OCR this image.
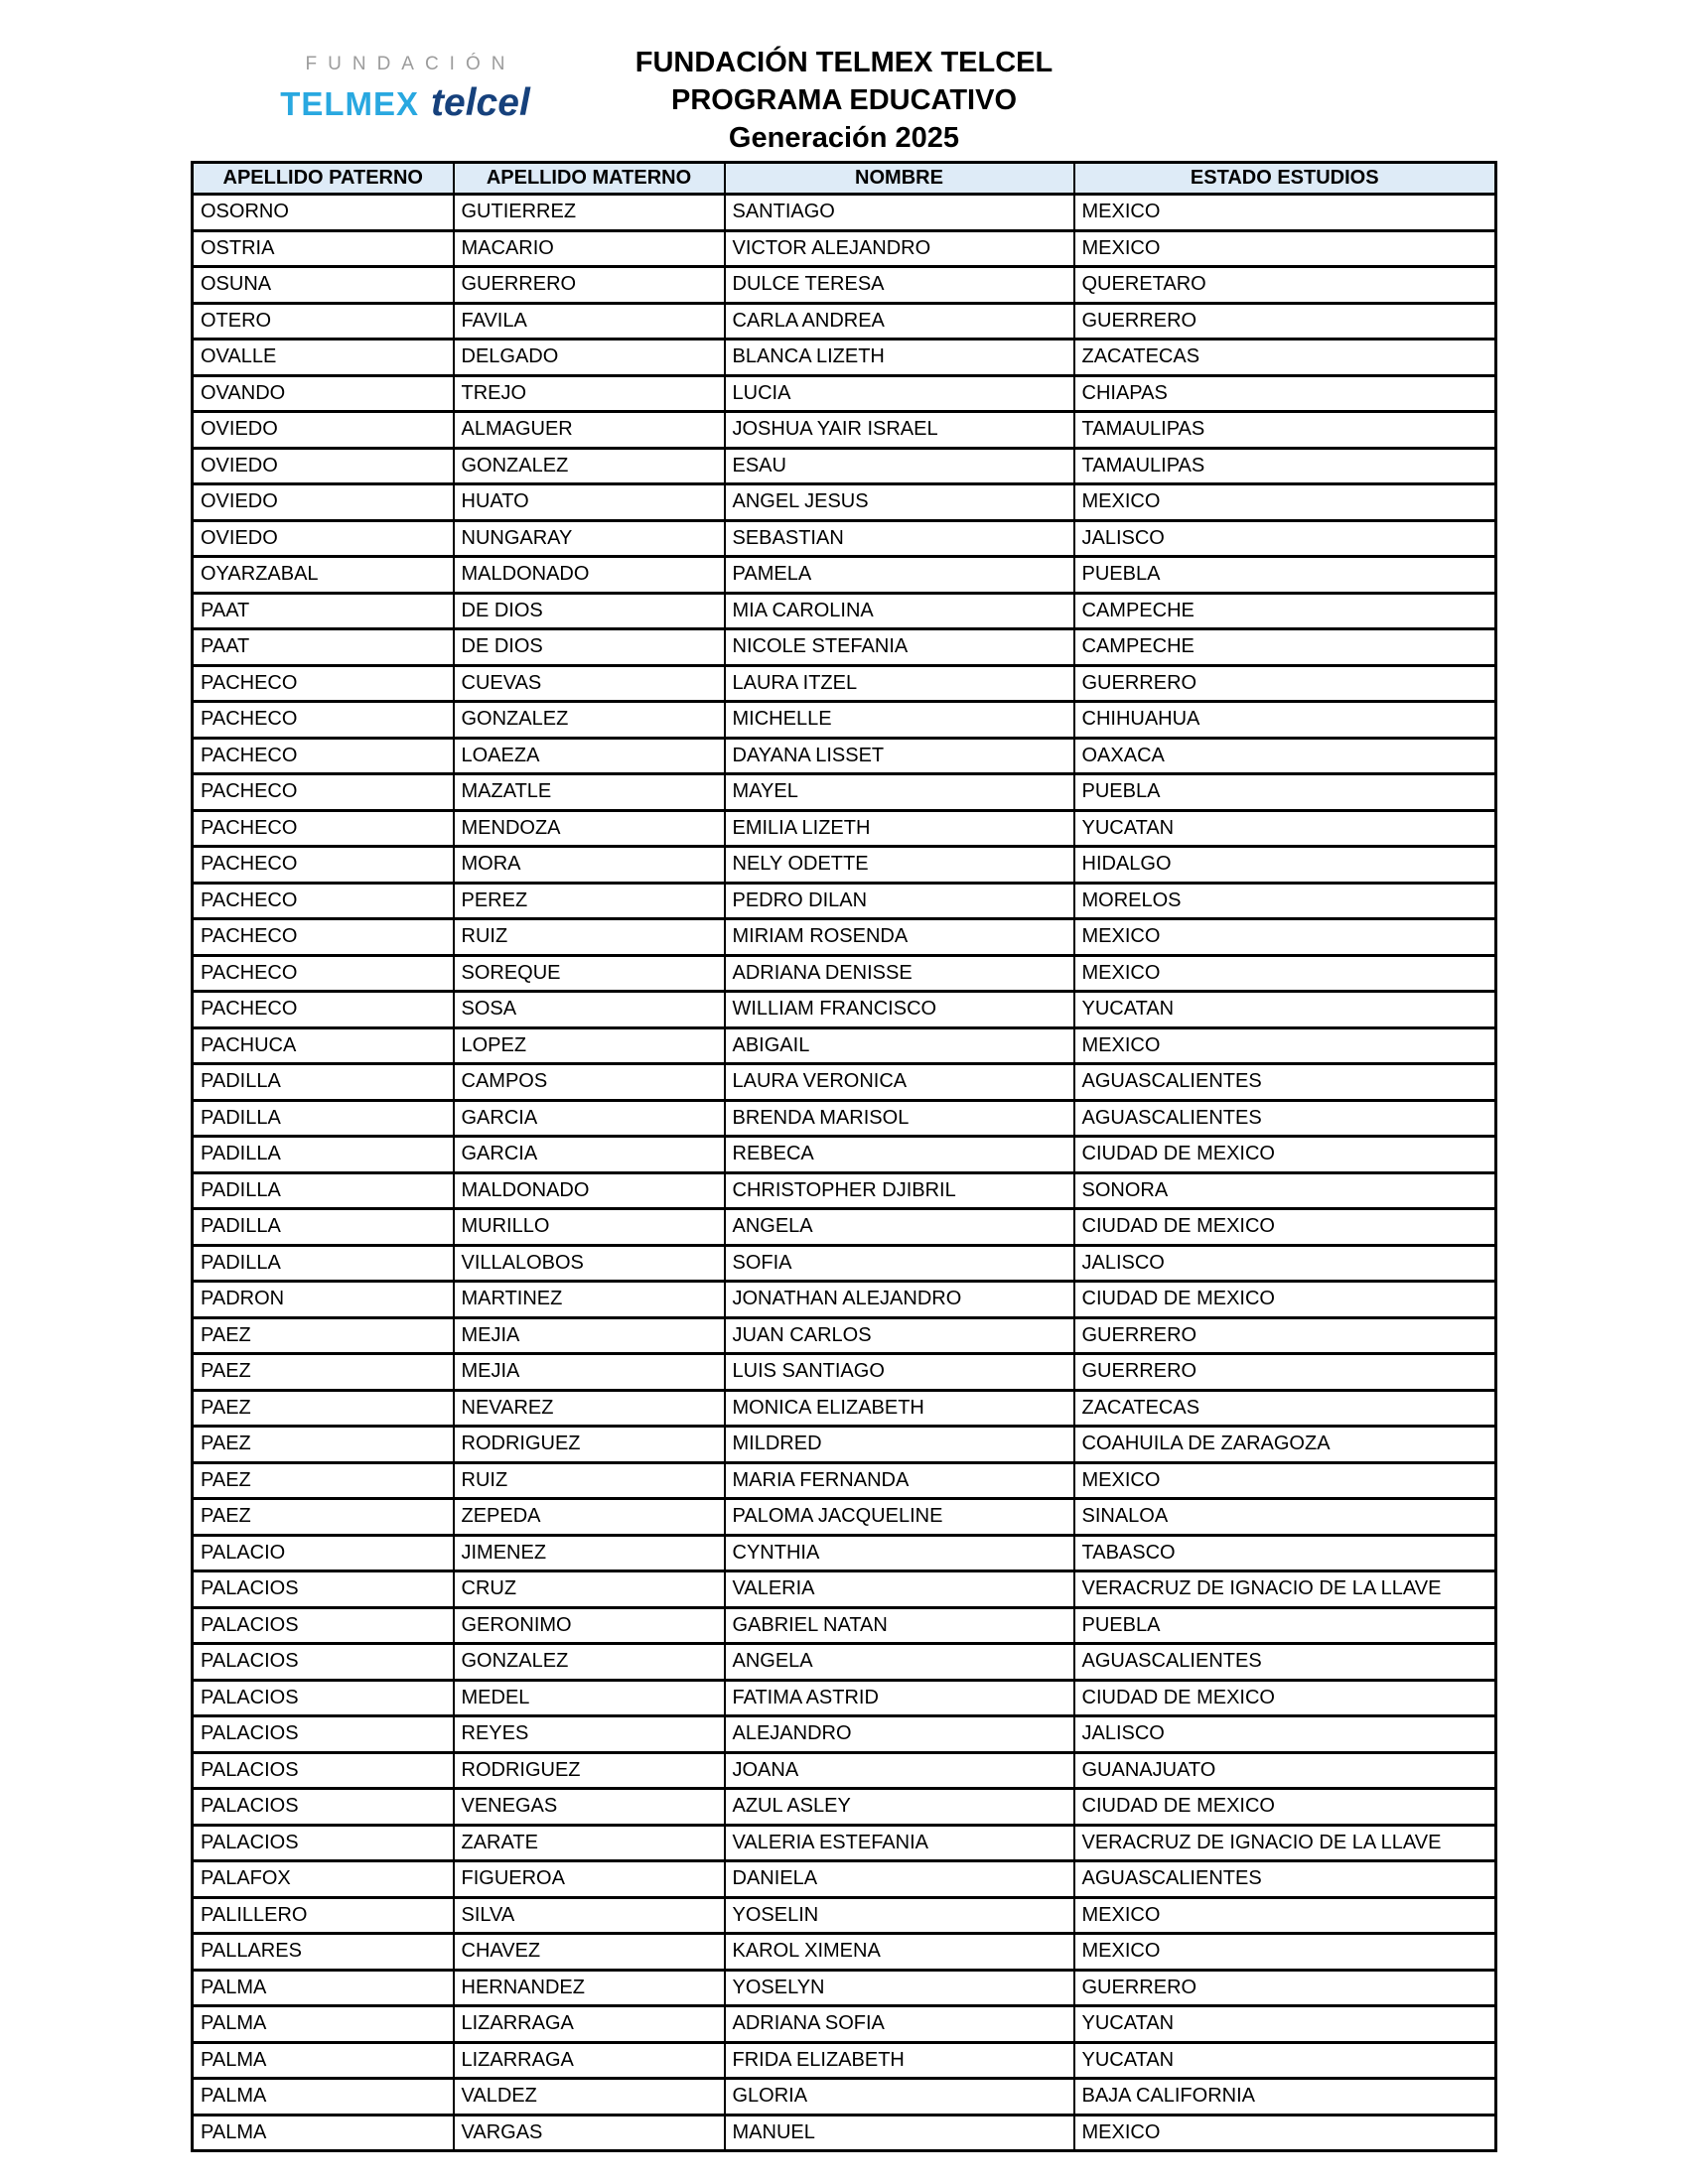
FUNDACIÓN
TELMEX telcel
FUNDACIÓN TELMEX TELCEL
PROGRAMA EDUCATIVO
Generación 2025
APELLIDO PATERNO	APELLIDO MATERNO	NOMBRE	ESTADO ESTUDIOS
OSORNO	GUTIERREZ	SANTIAGO	MEXICO
OSTRIA	MACARIO	VICTOR ALEJANDRO	MEXICO
OSUNA	GUERRERO	DULCE TERESA	QUERETARO
OTERO	FAVILA	CARLA ANDREA	GUERRERO
OVALLE	DELGADO	BLANCA LIZETH	ZACATECAS
OVANDO	TREJO	LUCIA	CHIAPAS
OVIEDO	ALMAGUER	JOSHUA YAIR ISRAEL	TAMAULIPAS
OVIEDO	GONZALEZ	ESAU	TAMAULIPAS
OVIEDO	HUATO	ANGEL JESUS	MEXICO
OVIEDO	NUNGARAY	SEBASTIAN	JALISCO
OYARZABAL	MALDONADO	PAMELA	PUEBLA
PAAT	DE DIOS	MIA CAROLINA	CAMPECHE
PAAT	DE DIOS	NICOLE STEFANIA	CAMPECHE
PACHECO	CUEVAS	LAURA ITZEL	GUERRERO
PACHECO	GONZALEZ	MICHELLE	CHIHUAHUA
PACHECO	LOAEZA	DAYANA LISSET	OAXACA
PACHECO	MAZATLE	MAYEL	PUEBLA
PACHECO	MENDOZA	EMILIA LIZETH	YUCATAN
PACHECO	MORA	NELY ODETTE	HIDALGO
PACHECO	PEREZ	PEDRO DILAN	MORELOS
PACHECO	RUIZ	MIRIAM ROSENDA	MEXICO
PACHECO	SOREQUE	ADRIANA DENISSE	MEXICO
PACHECO	SOSA	WILLIAM FRANCISCO	YUCATAN
PACHUCA	LOPEZ	ABIGAIL	MEXICO
PADILLA	CAMPOS	LAURA VERONICA	AGUASCALIENTES
PADILLA	GARCIA	BRENDA MARISOL	AGUASCALIENTES
PADILLA	GARCIA	REBECA	CIUDAD DE MEXICO
PADILLA	MALDONADO	CHRISTOPHER DJIBRIL	SONORA
PADILLA	MURILLO	ANGELA	CIUDAD DE MEXICO
PADILLA	VILLALOBOS	SOFIA	JALISCO
PADRON	MARTINEZ	JONATHAN ALEJANDRO	CIUDAD DE MEXICO
PAEZ	MEJIA	JUAN CARLOS	GUERRERO
PAEZ	MEJIA	LUIS SANTIAGO	GUERRERO
PAEZ	NEVAREZ	MONICA ELIZABETH	ZACATECAS
PAEZ	RODRIGUEZ	MILDRED	COAHUILA DE ZARAGOZA
PAEZ	RUIZ	MARIA FERNANDA	MEXICO
PAEZ	ZEPEDA	PALOMA JACQUELINE	SINALOA
PALACIO	JIMENEZ	CYNTHIA	TABASCO
PALACIOS	CRUZ	VALERIA	VERACRUZ DE IGNACIO DE LA LLAVE
PALACIOS	GERONIMO	GABRIEL NATAN	PUEBLA
PALACIOS	GONZALEZ	ANGELA	AGUASCALIENTES
PALACIOS	MEDEL	FATIMA ASTRID	CIUDAD DE MEXICO
PALACIOS	REYES	ALEJANDRO	JALISCO
PALACIOS	RODRIGUEZ	JOANA	GUANAJUATO
PALACIOS	VENEGAS	AZUL ASLEY	CIUDAD DE MEXICO
PALACIOS	ZARATE	VALERIA ESTEFANIA	VERACRUZ DE IGNACIO DE LA LLAVE
PALAFOX	FIGUEROA	DANIELA	AGUASCALIENTES
PALILLERO	SILVA	YOSELIN	MEXICO
PALLARES	CHAVEZ	KAROL XIMENA	MEXICO
PALMA	HERNANDEZ	YOSELYN	GUERRERO
PALMA	LIZARRAGA	ADRIANA SOFIA	YUCATAN
PALMA	LIZARRAGA	FRIDA ELIZABETH	YUCATAN
PALMA	VALDEZ	GLORIA	BAJA CALIFORNIA
PALMA	VARGAS	MANUEL	MEXICO
